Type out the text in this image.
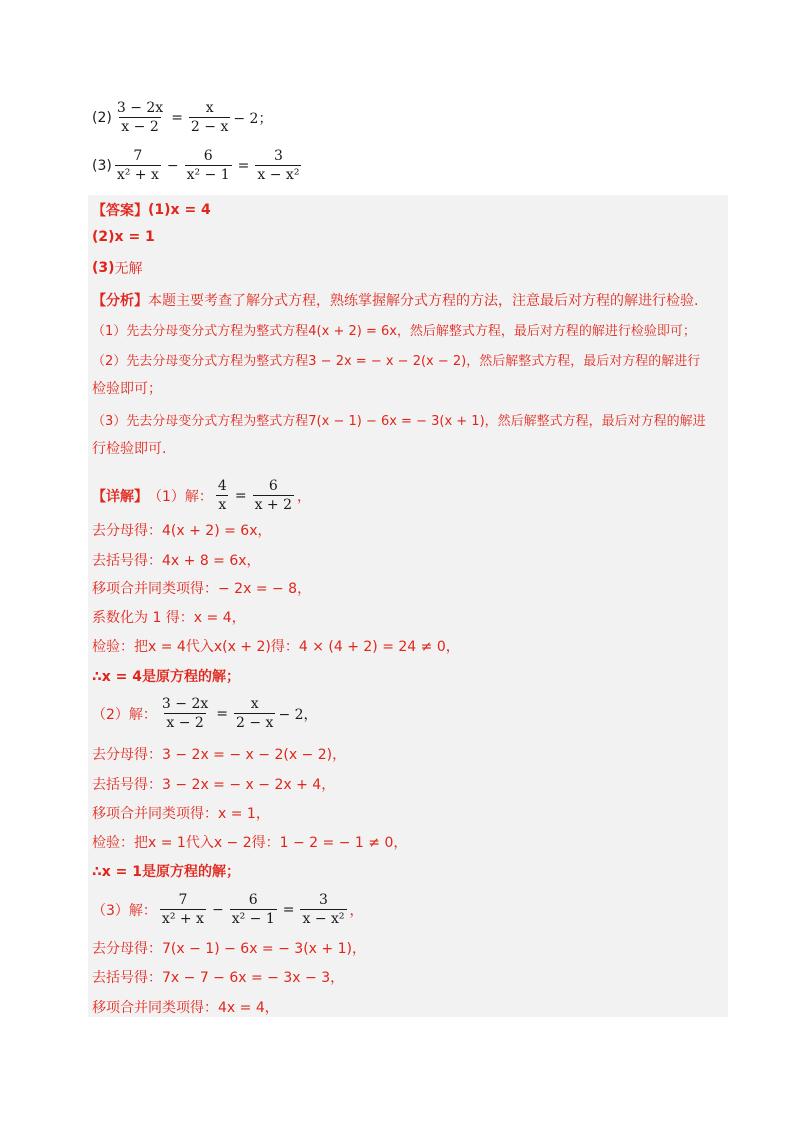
$(2) \frac{3 - 2x}{x - 2} = \frac{x}{2 - x} - 2$；
$(3) \frac{7}{\text{x² + x}} - \frac{6}{\text{x² − 1}} = \frac{3}{\text{x − x²}}$
【答案】 (1)x = 4
(2)x = 1
(3) 无解
【分析】 本题主要考查了解分式方程，熟练掌握解分式方程的方法，注意最后对方程的解进行检验.
（1）先去分母变分式方程为整式方程4(x + 2) = 6x，然后解整式方程，最后对方程的解进行检验即可；
（2）先去分母变分式方程为整式方程3 − 2x = − x − 2(x − 2)，然后解整式方程，最后对方程的解进行
检验即可；
（3）先去分母变分式方程为整式方程7(x − 1) − 6x = − 3(x + 1)，然后解整式方程，最后对方程的解进
行检验即可.
【详解】 （1）解： $\frac{4}{x} = \frac{6}{x + 2}$ ，
去分母得：4(x + 2) = 6x，
去括号得：4x + 8 = 6x，
移项合并同类项得：− 2x = − 8，
系数化为 1 得：x = 4，
检验：把x = 4代入x(x + 2)得：4 × (4 + 2) = 24 ≠ 0，
∴x = 4是原方程的解；
（2）解： $\frac{3 - 2x}{x - 2} = \frac{x}{2 - x} - 2$，
去分母得：3 − 2x = − x − 2(x − 2)，
去括号得：3 − 2x = − x − 2x + 4，
移项合并同类项得：x = 1，
检验：把x = 1代入x − 2得：1 − 2 = − 1 ≠ 0，
∴x = 1是原方程的解；
（3）解： $\frac{7}{\text{x² + x}} - \frac{6}{\text{x² − 1}} = \frac{3}{\text{x − x²}}$ ，
去分母得：7(x − 1) − 6x = − 3(x + 1)，
去括号得：7x − 7 − 6x = − 3x − 3，
移项合并同类项得：4x = 4，
